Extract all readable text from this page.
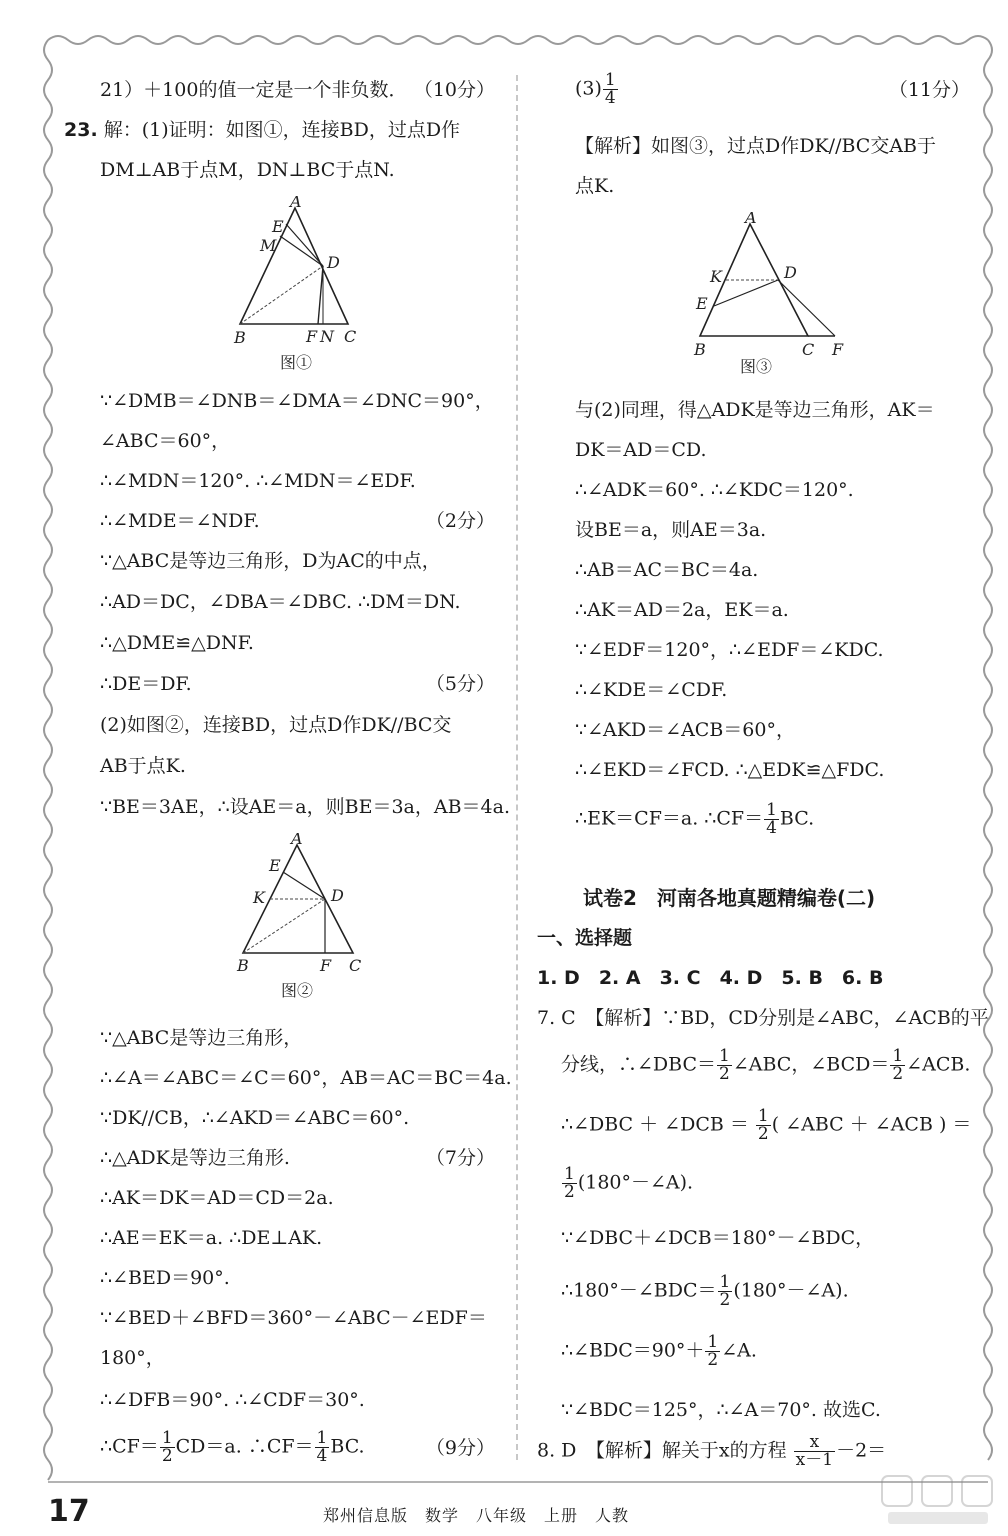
21）＋100的值一定是一个非负数． （10分）
23. 解：(1)证明：如图①，连接BD，过点D作
DM⊥AB于点M，DN⊥BC于点N.
A
E
M
D
B	F N C
图①
∵∠DMB＝∠DNB＝∠DMA＝∠DNC＝90°，
∠ABC＝60°，
∴∠MDN＝120°. ∴∠MDN＝∠EDF.
∴∠MDE＝∠NDF.	（2分）
∵△ABC是等边三角形，D为AC的中点，
∴AD＝DC，∠DBA＝∠DBC. ∴DM＝DN.
∴△DME≌△DNF.
∴DE＝DF.	（5分）
(2)如图②，连接BD，过点D作DK//BC交
AB于点K.
∵BE＝3AE，∴设AE＝a，则BE＝3a，AB＝4a.
A
E
K	D
B	F C
图②
∵△ABC是等边三角形，
∴∠A＝∠ABC＝∠C＝60°，AB＝AC＝BC＝4a.
∵DK//CB，∴∠AKD＝∠ABC＝60°.
∴△ADK是等边三角形.	（7分）
∴AK＝DK＝AD＝CD＝2a.
∴AE＝EK＝a. ∴DE⊥AK.
∴∠BED＝90°.
∵∠BED＋∠BFD＝360°－∠ABC－∠EDF＝
180°，
∴∠DFB＝90°. ∴∠CDF＝30°.
∴CF＝ $\frac{1}{2} CD=a$. ∴CF＝ $\frac{1}{4}$ BC.	（9分）
$(3) \frac{1}{4}$	（11分）
【解析】如图③，过点D作DK//BC交AB于
点K.
A
K	D
E
B	C F
图③
与(2)同理，得△ADK是等边三角形，AK＝
DK＝AD＝CD.
∴∠ADK＝60°. ∴∠KDC＝120°.
设BE＝a，则AE＝3a.
∴AB＝AC＝BC＝4a.
∴AK＝AD＝2a，EK＝a.
∵∠EDF＝120°，∴∠EDF＝∠KDC.
∴∠KDE＝∠CDF.
∵∠AKD＝∠ACB＝60°，
∴∠EKD＝∠FCD. ∴△EDK≌△FDC.
∴EK＝CF＝a. ∴CF＝ $\frac{1}{4}$ BC.
试卷2　河南各地真题精编卷(二)
一、选择题
1. D　2. A　3. C　4. D　5. B　6. B
7. C　【解析】∵BD，CD分别是∠ABC，∠ACB的平
分线，∴∠DBC＝ $\frac{1}{2}$ ∠ABC，∠BCD＝ $\frac{1}{2}$ ∠ACB.
∴∠DBC ＋ ∠DCB ＝ $\frac{1}{2}$ ( ∠ABC ＋ ∠ACB ) ＝
$\frac{1}{2}$ (180°－∠A).
∵∠DBC＋∠DCB＝180°－∠BDC，
∴180°－∠BDC＝ $\frac{1}{2}$ (180°－∠A).
∴∠BDC＝90°＋ $\frac{1}{2}$ ∠A.
∵∠BDC＝125°，∴∠A＝70°. 故选C.
8. D　【解析】解关于x的方程 $\frac{x}{x-1} -2=$
17	郑州信息版　数学　八年级　上册　人教
